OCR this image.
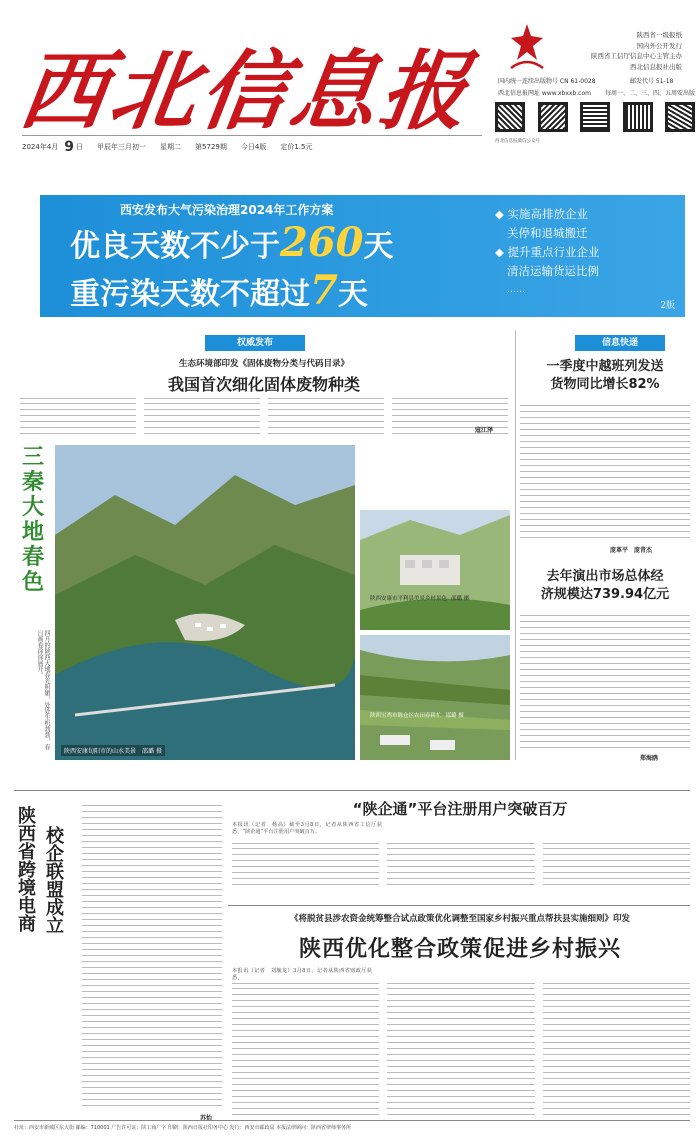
西北信息报
陕西省一级报纸
国内外公开发行
陕西省工信厅信息中心主管主办
西北信息报社出版
国内统一连续出版物号 CN 61-0028	邮发代号 51-18
西北信息报网址 www.xbxxb.com 每周一、二、三、四、五周安出版
西北信息报微信公众号
2024年4月 9 日 甲辰年三月初一 星期二 第5729期 今日4版 定价1.5元
西安发布大气污染治理2024年工作方案
优良天数不少于260天
重污染天数不超过7天
◆ 实施高排放企业
关停和退城搬迁
◆ 提升重点行业企业
清洁运输货运比例
……
2版
权威发布
生态环境部印发《固体废物分类与代码目录》
我国首次细化固体废物种类
寇江泽
信息快递
一季度中越班列发送
货物同比增长82%
庞革平　庞青杰
去年演出市场总体经
济规模达739.94亿元
郑海鸥
三秦大地春色
四月的陕西大地春光明媚，处处生机勃勃，春日画卷徐徐展开。
陕西安康旬阳市的山水美景　 邵璐 摄
陕西安康市平利县美景乡村景色 邵璐 摄
陕西宝鸡市陈仓区农田春耕忙 邵璐 摄
陕西省跨境电商 校企联盟成立
苏怡
“陕企通”平台注册用户突破百万
本报讯（记者　杨高）截至3月8日，记者从陕西省工信厅获悉，“陕企通”平台注册用户突破百万。
《将脱贫县涉农资金统筹整合试点政策优化调整至国家乡村振兴重点帮扶县实施细则》印发
陕西优化整合政策促进乡村振兴
本报讯（记者　刘毓龙）3月8日，记者从陕西省财政厅获悉，
社址：西安市新城区东大街 邮编：710001 广告许可证：陕工商广字 印刷：陕西日报社印务中心 发行：西安市邮政局 本报法律顾问：陕西省律师事务所
